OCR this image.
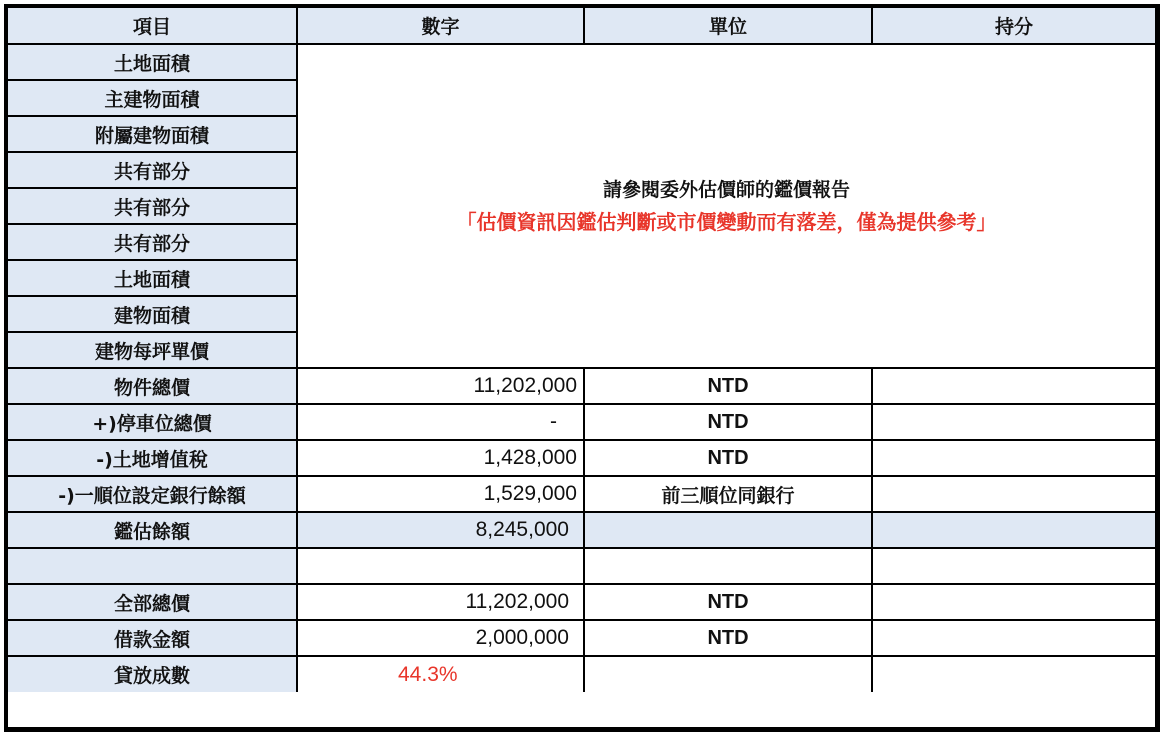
項目	數字	單位	持分
土地面積	請參閱委外估價師的鑑價報告
「估價資訊因鑑估判斷或市價變動而有落差，僅為提供參考」		

主建物面積			
附屬建物面積			
共有部分			
共有部分			
共有部分			
土地面積			
建物面積			
建物每坪單價			
物件總價	11,202,000	NTD	
+)停車位總價	-	NTD	
-)土地增值稅	1,428,000	NTD	
-)一順位設定銀行餘額	1,529,000	前三順位同銀行	
鑑估餘額	8,245,000		

全部總價	11,202,000	NTD	
借款金額	2,000,000	NTD	
貸放成數	44.3%		
